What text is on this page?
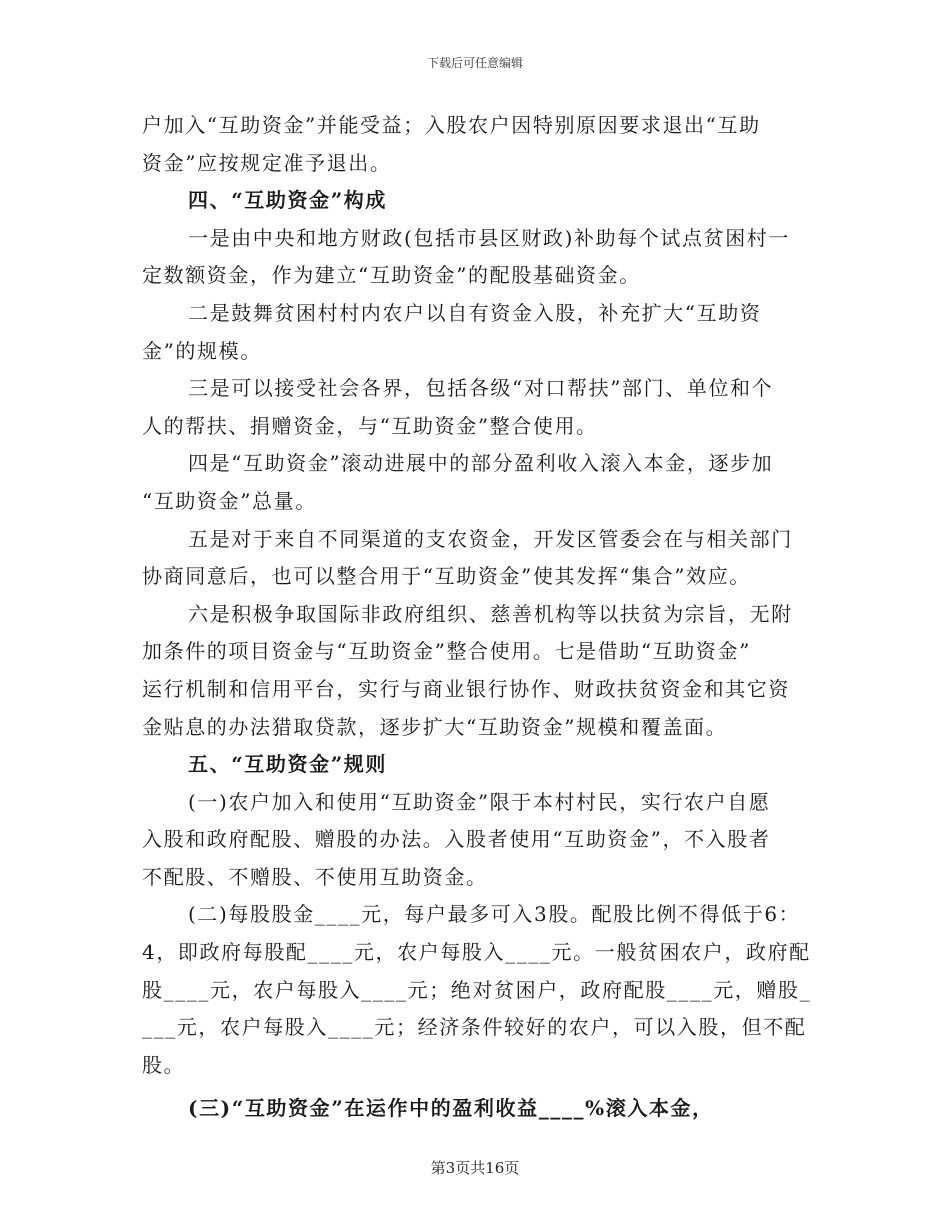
下载后可任意编辑
户加入“互助资金”并能受益；入股农户因特别原因要求退出“互助
资金”应按规定准予退出。
四、“互助资金”构成
一是由中央和地方财政(包括市县区财政)补助每个试点贫困村一
定数额资金，作为建立“互助资金”的配股基础资金。
二是鼓舞贫困村村内农户以自有资金入股，补充扩大“互助资
金”的规模。
三是可以接受社会各界，包括各级“对口帮扶”部门、单位和个
人的帮扶、捐赠资金，与“互助资金”整合使用。
四是“互助资金”滚动进展中的部分盈利收入滚入本金，逐步加
“互助资金”总量。
五是对于来自不同渠道的支农资金，开发区管委会在与相关部门
协商同意后，也可以整合用于“互助资金”使其发挥“集合”效应。
六是积极争取国际非政府组织、慈善机构等以扶贫为宗旨，无附
加条件的项目资金与“互助资金”整合使用。七是借助“互助资金”
运行机制和信用平台，实行与商业银行协作、财政扶贫资金和其它资
金贴息的办法猎取贷款，逐步扩大“互助资金”规模和覆盖面。
五、“互助资金”规则
(一)农户加入和使用“互助资金”限于本村村民，实行农户自愿
入股和政府配股、赠股的办法。入股者使用“互助资金”，不入股者
不配股、不赠股、不使用互助资金。
(二)每股股金____元，每户最多可入3股。配股比例不得低于6：
4，即政府每股配____元，农户每股入____元。一般贫困农户，政府配
股____元，农户每股入____元；绝对贫困户，政府配股____元，赠股_
___元，农户每股入____元；经济条件较好的农户，可以入股，但不配
股。
(三)“互助资金”在运作中的盈利收益____%滚入本金，
第3页共16页
